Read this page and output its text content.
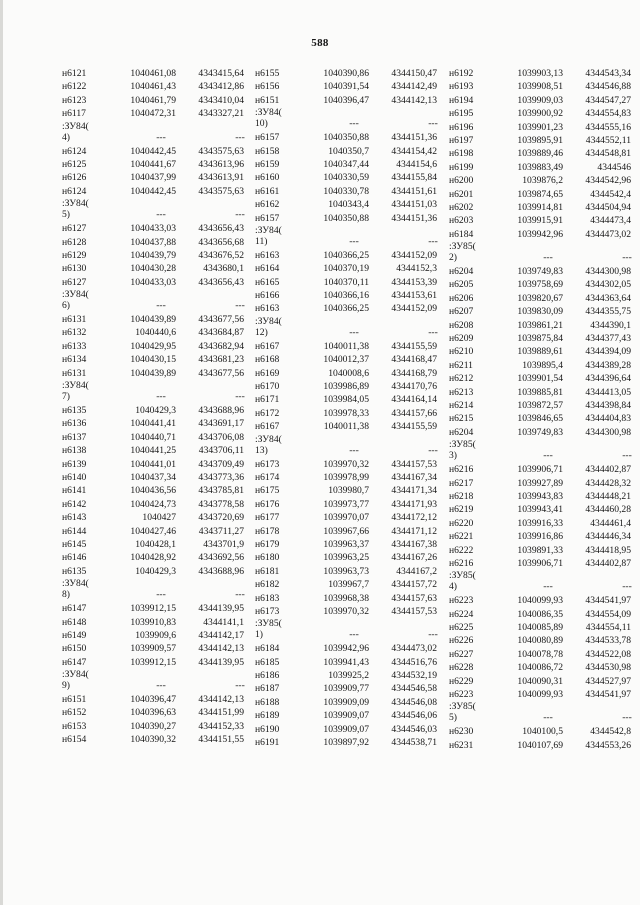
588
н6121	1040461,08	4343415,64
н6122	1040461,43	4343412,86
н6123	1040461,79	4343410,04
н6117	1040472,31	4343327,21
:ЗУ84(
4)	---	---
н6124	1040442,45	4343575,63
н6125	1040441,67	4343613,96
н6126	1040437,99	4343613,91
н6124	1040442,45	4343575,63
:ЗУ84(
5)	---	---
н6127	1040433,03	4343656,43
н6128	1040437,88	4343656,68
н6129	1040439,79	4343676,52
н6130	1040430,28	4343680,1
н6127	1040433,03	4343656,43
:ЗУ84(
6)	---	---
н6131	1040439,89	4343677,56
н6132	1040440,6	4343684,87
н6133	1040429,95	4343682,94
н6134	1040430,15	4343681,23
н6131	1040439,89	4343677,56
:ЗУ84(
7)	---	---
н6135	1040429,3	4343688,96
н6136	1040441,41	4343691,17
н6137	1040440,71	4343706,08
н6138	1040441,25	4343706,11
н6139	1040441,01	4343709,49
н6140	1040437,34	4343773,36
н6141	1040436,56	4343785,81
н6142	1040424,73	4343778,58
н6143	1040427	4343720,69
н6144	1040427,46	4343711,27
н6145	1040428,1	4343701,9
н6146	1040428,92	4343692,56
н6135	1040429,3	4343688,96
:ЗУ84(
8)	---	---
н6147	1039912,15	4344139,95
н6148	1039910,83	4344141,1
н6149	1039909,6	4344142,17
н6150	1039909,57	4344142,13
н6147	1039912,15	4344139,95
:ЗУ84(
9)	---	---
н6151	1040396,47	4344142,13
н6152	1040396,63	4344151,99
н6153	1040390,27	4344152,33
н6154	1040390,32	4344151,55
н6155	1040390,86	4344150,47
н6156	1040391,54	4344142,49
н6151	1040396,47	4344142,13
:ЗУ84(
10)	---	---
н6157	1040350,88	4344151,36
н6158	1040350,7	4344154,42
н6159	1040347,44	4344154,6
н6160	1040330,59	4344155,84
н6161	1040330,78	4344151,61
н6162	1040343,4	4344151,03
н6157	1040350,88	4344151,36
:ЗУ84(
11)	---	---
н6163	1040366,25	4344152,09
н6164	1040370,19	4344152,3
н6165	1040370,11	4344153,39
н6166	1040366,16	4344153,61
н6163	1040366,25	4344152,09
:ЗУ84(
12)	---	---
н6167	1040011,38	4344155,59
н6168	1040012,37	4344168,47
н6169	1040008,6	4344168,79
н6170	1039986,89	4344170,76
н6171	1039984,05	4344164,14
н6172	1039978,33	4344157,66
н6167	1040011,38	4344155,59
:ЗУ84(
13)	---	---
н6173	1039970,32	4344157,53
н6174	1039978,99	4344167,34
н6175	1039980,7	4344171,34
н6176	1039973,77	4344171,93
н6177	1039970,07	4344172,12
н6178	1039967,66	4344171,12
н6179	1039963,37	4344167,38
н6180	1039963,25	4344167,26
н6181	1039963,73	4344167,2
н6182	1039967,7	4344157,72
н6183	1039968,38	4344157,63
н6173	1039970,32	4344157,53
:ЗУ85(
1)	---	---
н6184	1039942,96	4344473,02
н6185	1039941,43	4344516,76
н6186	1039925,2	4344532,19
н6187	1039909,77	4344546,58
н6188	1039909,09	4344546,08
н6189	1039909,07	4344546,06
н6190	1039909,07	4344546,03
н6191	1039897,92	4344538,71
н6192	1039903,13	4344543,34
н6193	1039908,51	4344546,88
н6194	1039909,03	4344547,27
н6195	1039900,92	4344554,83
н6196	1039901,23	4344555,16
н6197	1039895,91	4344552,11
н6198	1039889,46	4344548,81
н6199	1039883,49	4344546
н6200	1039876,2	4344542,96
н6201	1039874,65	4344542,4
н6202	1039914,81	4344504,94
н6203	1039915,91	4344473,4
н6184	1039942,96	4344473,02
:ЗУ85(
2)	---	---
н6204	1039749,83	4344300,98
н6205	1039758,69	4344302,05
н6206	1039820,67	4344363,64
н6207	1039830,09	4344355,75
н6208	1039861,21	4344390,1
н6209	1039875,84	4344377,43
н6210	1039889,61	4344394,09
н6211	1039895,4	4344389,28
н6212	1039901,54	4344396,64
н6213	1039885,81	4344413,05
н6214	1039872,57	4344398,84
н6215	1039846,65	4344404,83
н6204	1039749,83	4344300,98
:ЗУ85(
3)	---	---
н6216	1039906,71	4344402,87
н6217	1039927,89	4344428,32
н6218	1039943,83	4344448,21
н6219	1039943,41	4344460,28
н6220	1039916,33	4344461,4
н6221	1039916,86	4344446,34
н6222	1039891,33	4344418,95
н6216	1039906,71	4344402,87
:ЗУ85(
4)	---	---
н6223	1040099,93	4344541,97
н6224	1040086,35	4344554,09
н6225	1040085,89	4344554,11
н6226	1040080,89	4344533,78
н6227	1040078,78	4344522,08
н6228	1040086,72	4344530,98
н6229	1040090,31	4344527,97
н6223	1040099,93	4344541,97
:ЗУ85(
5)	---	---
н6230	1040100,5	4344542,8
н6231	1040107,69	4344553,26
